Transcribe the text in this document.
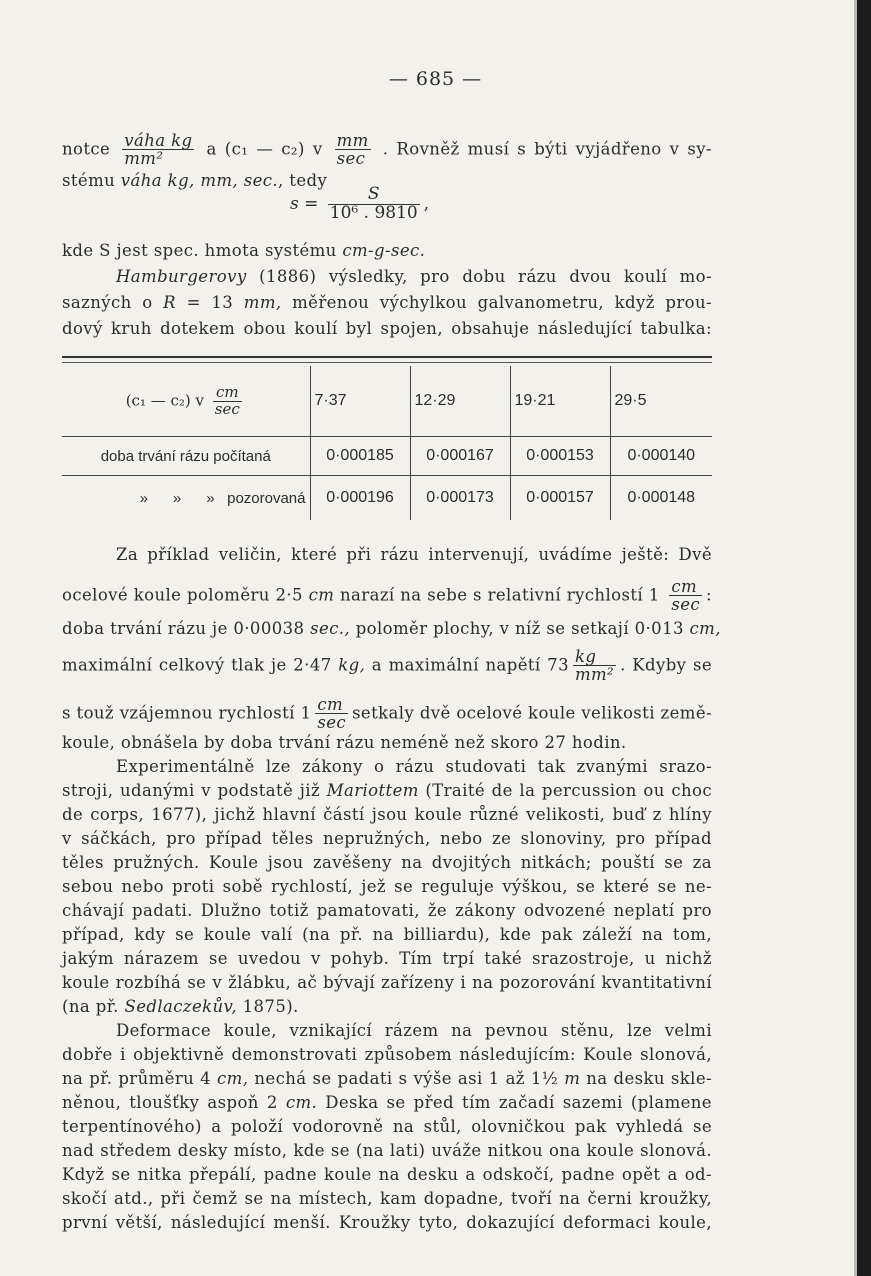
— 685 —
notce $\frac{\text{váha kg}}{\text{mm²}}$ a (c₁ — c₂) v $\frac{mm}{\sec}$ . Rovněž musí s býti vyjádřeno v sy-
stému váha kg, mm, sec., tedy
$s = \frac{S}{\text{10⁶ . 9810}}$ ,
kde S jest spec. hmota systému cm-g-sec.
Hamburgerovy (1886) výsledky, pro dobu rázu dvou koulí mo-
sazných o R = 13 mm, měřenou výchylkou galvanometru, když prou-
dový kruh dotekem obou koulí byl spojen, obsahuje následující tabulka:
(c₁ — c₂) v $\frac{cm}{\sec}$	7·37	12·29	19·21	29·5
doba trvání rázu počítaná	0·000185	0·000167	0·000153	0·000140
»      »      »   pozorovaná	0·000196	0·000173	0·000157	0·000148
Za příklad veličin, které při rázu intervenují, uvádíme ještě: Dvě
ocelové koule poloměru 2·5 cm narazí na sebe s relativní rychlostí $1 \frac{cm}{\sec}$ :
doba trvání rázu je 0·00038 sec., poloměr plochy, v níž se setkají 0·013 cm,
maximální celkový tlak je 2·47 kg, a maximální napětí $73 \frac{kg}{\text{mm²}}$ . Kdyby se
s touž vzájemnou rychlostí $1 \frac{cm}{\sec}$ setkaly dvě ocelové koule velikosti země-
koule, obnášela by doba trvání rázu neméně než skoro 27 hodin.
Experimentálně lze zákony o rázu studovati tak zvanými srazo-
stroji, udanými v podstatě již Mariottem (Traité de la percussion ou choc
de corps, 1677), jichž hlavní částí jsou koule různé velikosti, buď z hlíny
v sáčkách, pro případ těles nepružných, nebo ze slonoviny, pro případ
těles pružných. Koule jsou zavěšeny na dvojitých nitkách; pouští se za
sebou nebo proti sobě rychlostí, jež se reguluje výškou, se které se ne-
chávají padati. Dlužno totiž pamatovati, že zákony odvozené neplatí pro
případ, kdy se koule valí (na př. na billiardu), kde pak záleží na tom,
jakým nárazem se uvedou v pohyb. Tím trpí také srazostroje, u nichž
koule rozbíhá se v žlábku, ač bývají zařízeny i na pozorování kvantitativní
(na př. Sedlaczekův, 1875).
Deformace koule, vznikající rázem na pevnou stěnu, lze velmi
dobře i objektivně demonstrovati způsobem následujícím: Koule slonová,
na př. průměru 4 cm, nechá se padati s výše asi 1 až 1½ m na desku skle-
něnou, tloušťky aspoň 2 cm. Deska se před tím začadí sazemi (plamene
terpentínového) a položí vodorovně na stůl, olovničkou pak vyhledá se
nad středem desky místo, kde se (na lati) uváže nitkou ona koule slonová.
Když se nitka přepálí, padne koule na desku a odskočí, padne opět a od-
skočí atd., při čemž se na místech, kam dopadne, tvoří na černi kroužky,
první větší, následující menší. Kroužky tyto, dokazující deformaci koule,
